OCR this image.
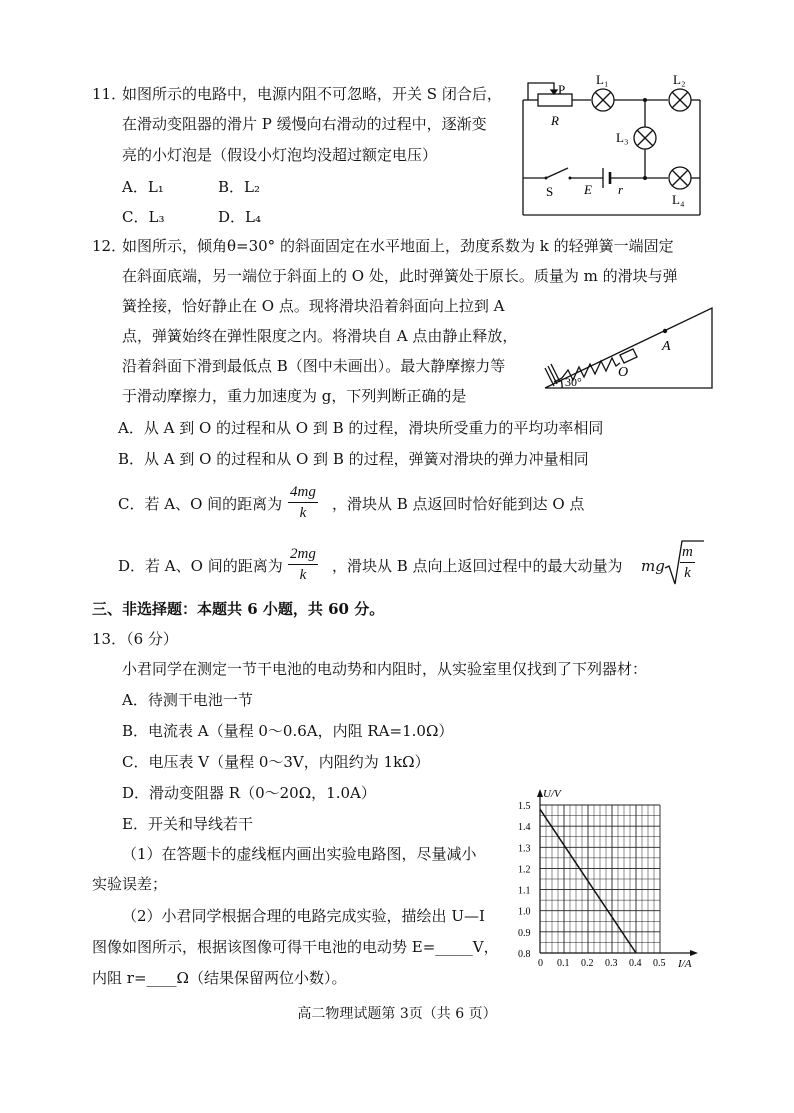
11．
如图所示的电路中，电源内阻不可忽略，开关 S 闭合后，
在滑动变阻器的滑片 P 缓慢向右滑动的过程中，逐渐变
亮的小灯泡是（假设小灯泡均没超过额定电压）
A．L₁	B．L₂
C．L₃	D．L₄
P
R
L₁	L₂
L₃
S E r
L₄
12．
如图所示，倾角θ=30° 的斜面固定在水平地面上，劲度系数为 k 的轻弹簧一端固定
在斜面底端，另一端位于斜面上的 O 处，此时弹簧处于原长。质量为 m 的滑块与弹
簧拴接，恰好静止在 O 点。现将滑块沿着斜面向上拉到 A
点，弹簧始终在弹性限度之内。将滑块自 A 点由静止释放，
沿着斜面下滑到最低点 B（图中未画出）。最大静摩擦力等
于滑动摩擦力，重力加速度为 g，下列判断正确的是
O
A
30°
A．从 A 到 O 的过程和从 O 到 B 的过程，滑块所受重力的平均功率相同
B．从 A 到 O 的过程和从 O 到 B 的过程，弹簧对滑块的弹力冲量相同
C．若 A、O 间的距离为 $\frac{4mg}{k}$ ，滑块从 B 点返回时恰好能到达 O 点
D．若 A、O 间的距离为 $\frac{2mg}{k}$ ，滑块从 B 点向上返回过程中的最大动量为 mg $\frac{m}{k}$
三、非选择题：本题共 6 小题，共 60 分。
13．（6 分）
小君同学在测定一节干电池的电动势和内阻时，从实验室里仅找到了下列器材：
A．待测干电池一节
B．电流表 A（量程 0～0.6A，内阻 RA=1.0Ω）
C．电压表 V（量程 0～3V，内阻约为 1kΩ）
D．滑动变阻器 R（0～20Ω，1.0A）
E．开关和导线若干
（1）在答题卡的虚线框内画出实验电路图，尽量减小
实验误差；
（2）小君同学根据合理的电路完成实验，描绘出 U—I
图像如图所示，根据该图像可得干电池的电动势 E=_____V，
内阻 r=____Ω（结果保留两位小数）。
0 0.1 0.2 0.3 0.4 0.5
0.8
0.9
1.0
1.1
1.2
1.3
1.4
1.5
U/V
I/A
高二物理试题第 3页（共 6 页）
